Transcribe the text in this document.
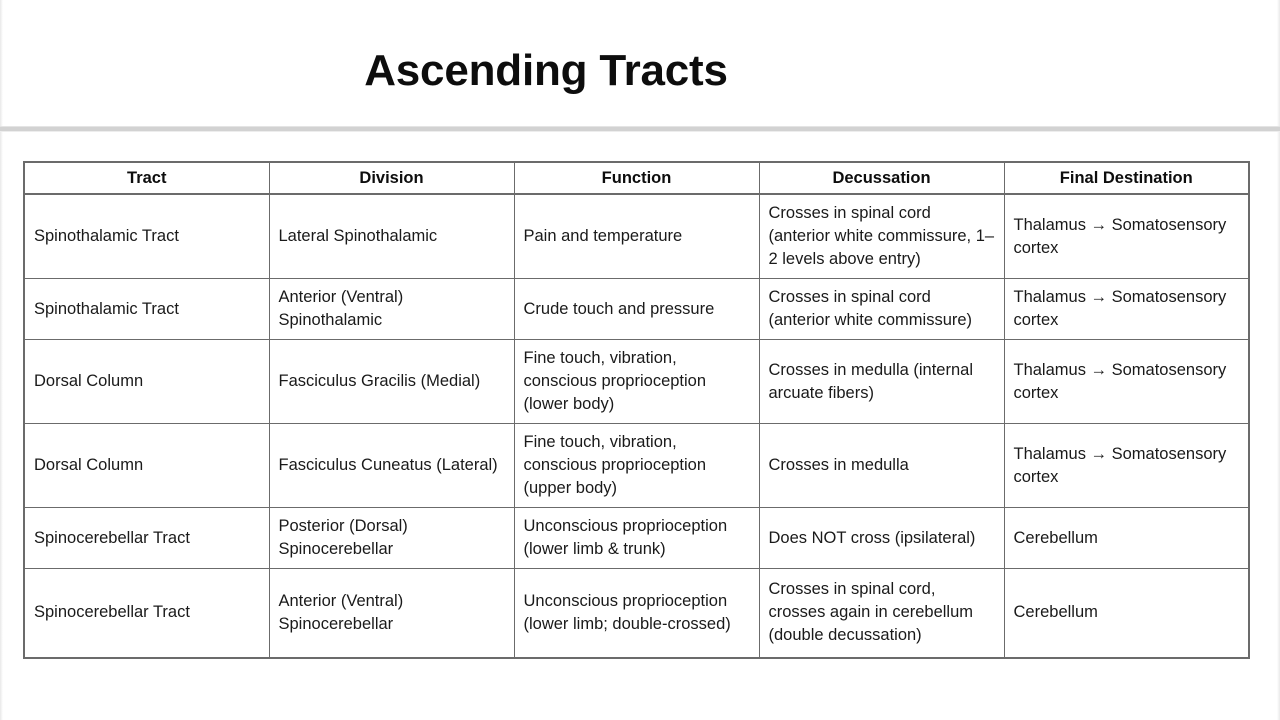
Ascending Tracts
Tract	Division	Function	Decussation	Final Destination
Spinothalamic Tract	Lateral Spinothalamic	Pain and temperature	Crosses in spinal cord (anterior white commissure, 1–2 levels above entry)	Thalamus → Somatosensory cortex
Spinothalamic Tract	Anterior (Ventral) Spinothalamic	Crude touch and pressure	Crosses in spinal cord (anterior white commissure)	Thalamus → Somatosensory cortex
Dorsal Column	Fasciculus Gracilis (Medial)	Fine touch, vibration, conscious proprioception (lower body)	Crosses in medulla (internal arcuate fibers)	Thalamus → Somatosensory cortex
Dorsal Column	Fasciculus Cuneatus (Lateral)	Fine touch, vibration, conscious proprioception (upper body)	Crosses in medulla	Thalamus → Somatosensory cortex
Spinocerebellar Tract	Posterior (Dorsal) Spinocerebellar	Unconscious proprioception (lower limb & trunk)	Does NOT cross (ipsilateral)	Cerebellum
Spinocerebellar Tract	Anterior (Ventral) Spinocerebellar	Unconscious proprioception (lower limb; double-crossed)	Crosses in spinal cord, crosses again in cerebellum (double decussation)	Cerebellum
